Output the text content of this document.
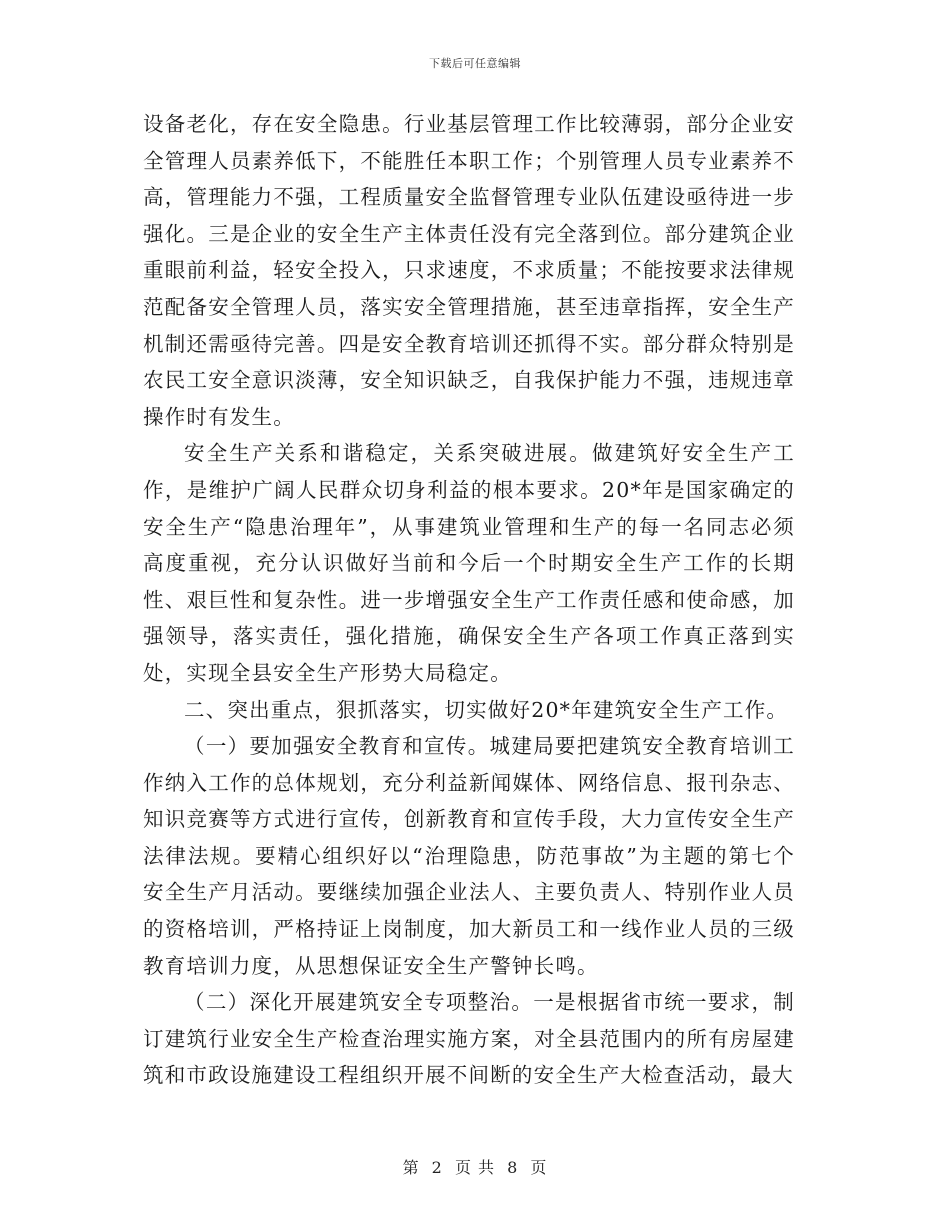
下载后可任意编辑

设备老化，存在安全隐患。行业基层管理工作比较薄弱，部分企业安全管理人员素养低下，不能胜任本职工作；个别管理人员专业素养不高，管理能力不强，工程质量安全监督管理专业队伍建设亟待进一步强化。三是企业的安全生产主体责任没有完全落到位。部分建筑企业重眼前利益，轻安全投入，只求速度，不求质量；不能按要求法律规范配备安全管理人员，落实安全管理措施，甚至违章指挥，安全生产机制还需亟待完善。四是安全教育培训还抓得不实。部分群众特别是农民工安全意识淡薄，安全知识缺乏，自我保护能力不强，违规违章操作时有发生。

安全生产关系和谐稳定，关系突破进展。做建筑好安全生产工作，是维护广阔人民群众切身利益的根本要求。20*年是国家确定的安全生产“隐患治理年”，从事建筑业管理和生产的每一名同志必须高度重视，充分认识做好当前和今后一个时期安全生产工作的长期性、艰巨性和复杂性。进一步增强安全生产工作责任感和使命感，加强领导，落实责任，强化措施，确保安全生产各项工作真正落到实处，实现全县安全生产形势大局稳定。

二、突出重点，狠抓落实，切实做好20*年建筑安全生产工作。

（一）要加强安全教育和宣传。城建局要把建筑安全教育培训工作纳入工作的总体规划，充分利益新闻媒体、网络信息、报刊杂志、知识竞赛等方式进行宣传，创新教育和宣传手段，大力宣传安全生产法律法规。要精心组织好以“治理隐患，防范事故”为主题的第七个安全生产月活动。要继续加强企业法人、主要负责人、特别作业人员的资格培训，严格持证上岗制度，加大新员工和一线作业人员的三级教育培训力度，从思想保证安全生产警钟长鸣。

（二）深化开展建筑安全专项整治。一是根据省市统一要求，制订建筑行业安全生产检查治理实施方案，对全县范围内的所有房屋建筑和市政设施建设工程组织开展不间断的安全生产大检查活动，最大

第 2 页 共 8 页
